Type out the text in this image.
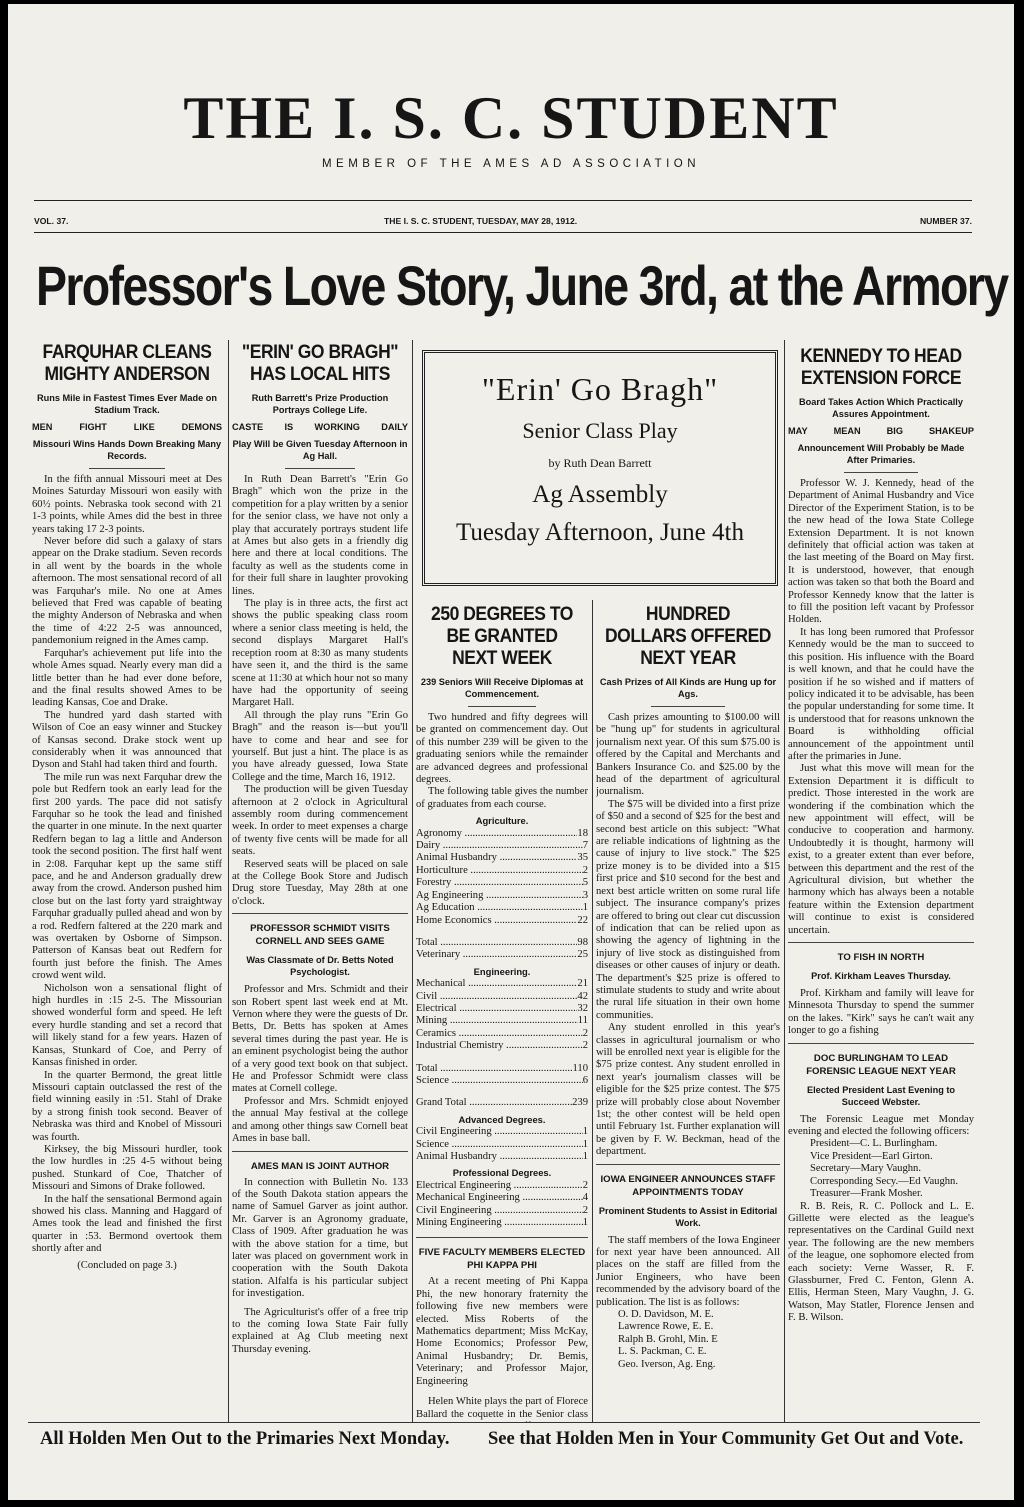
THE I. S. C. STUDENT
MEMBER OF THE AMES AD ASSOCIATION
VOL. 37.	THE I. S. C. STUDENT, TUESDAY, MAY 28, 1912.	NUMBER 37.
Professor's Love Story, June 3rd, at the Armory
FARQUHAR CLEANS MIGHTY ANDERSON
Runs Mile in Fastest Times Ever Made on Stadium Track.
MEN	FIGHT	LIKE	DEMONS
Missouri Wins Hands Down Breaking Many Records.

In the fifth annual Missouri meet at Des Moines Saturday Missouri won easily with 60½ points. Nebraska took second with 21 1-3 points, while Ames did the best in three years taking 17 2-3 points.

Never before did such a galaxy of stars appear on the Drake stadium. Seven records in all went by the boards in the whole afternoon. The most sensational record of all was Farquhar's mile. No one at Ames believed that Fred was capable of beating the mighty Anderson of Nebraska and when the time of 4:22 2-5 was announced, pandemonium reigned in the Ames camp.

Farquhar's achievement put life into the whole Ames squad. Nearly every man did a little better than he had ever done before, and the final results showed Ames to be leading Kansas, Coe and Drake.

The hundred yard dash started with Wilson of Coe an easy winner and Stuckey of Kansas second. Drake stock went up considerably when it was announced that Dyson and Stahl had taken third and fourth.

The mile run was next Farquhar drew the pole but Redfern took an early lead for the first 200 yards. The pace did not satisfy Farquhar so he took the lead and finished the quarter in one minute. In the next quarter Redfern began to lag a little and Anderson took the second position. The first half went in 2:08. Farquhar kept up the same stiff pace, and he and Anderson gradually drew away from the crowd. Anderson pushed him close but on the last forty yard straightway Farquhar gradually pulled ahead and won by a rod. Redfern faltered at the 220 mark and was overtaken by Osborne of Simpson. Patterson of Kansas beat out Redfern for fourth just before the finish. The Ames crowd went wild.

Nicholson won a sensational flight of high hurdles in :15 2-5. The Missourian showed wonderful form and speed. He left every hurdle standing and set a record that will likely stand for a few years. Hazen of Kansas, Stunkard of Coe, and Perry of Kansas finished in order.

In the quarter Bermond, the great little Missouri captain outclassed the rest of the field winning easily in :51. Stahl of Drake by a strong finish took second. Beaver of Nebraska was third and Knobel of Missouri was fourth.

Kirksey, the big Missouri hurdler, took the low hurdles in :25 4-5 without being pushed. Stunkard of Coe, Thatcher of Missouri and Simons of Drake followed.

In the half the sensational Bermond again showed his class. Manning and Haggard of Ames took the lead and finished the first quarter in :53. Bermond overtook them shortly after and

(Concluded on page 3.)
"ERIN' GO BRAGH" HAS LOCAL HITS
Ruth Barrett's Prize Production Portrays College Life.
CASTE IS WORKING DAILY
Play Will be Given Tuesday Afternoon in Ag Hall.

In Ruth Dean Barrett's "Erin Go Bragh" which won the prize in the competition for a play written by a senior for the senior class, we have not only a play that accurately portrays student life at Ames but also gets in a friendly dig here and there at local conditions. The faculty as well as the students come in for their full share in laughter provoking lines.

The play is in three acts, the first act shows the public speaking class room where a senior class meeting is held, the second displays Margaret Hall's reception room at 8:30 as many students have seen it, and the third is the same scene at 11:30 at which hour not so many have had the opportunity of seeing Margaret Hall.

All through the play runs "Erin Go Bragh" and the reason is—but you'll have to come and hear and see for yourself. But just a hint. The place is as you have already guessed, Iowa State College and the time, March 16, 1912.

The production will be given Tuesday afternoon at 2 o'clock in Agricultural assembly room during commencement week. In order to meet expenses a charge of twenty five cents will be made for all seats.

Reserved seats will be placed on sale at the College Book Store and Judisch Drug store Tuesday, May 28th at one o'clock.

PROFESSOR SCHMIDT VISITS CORNELL AND SEES GAME
Was Classmate of Dr. Betts Noted Psychologist.

Professor and Mrs. Schmidt and their son Robert spent last week end at Mt. Vernon where they were the guests of Dr. Betts, Dr. Betts has spoken at Ames several times during the past year. He is an eminent psychologist being the author of a very good text book on that subject. He and Professor Schmidt were class mates at Cornell college.

Professor and Mrs. Schmidt enjoyed the annual May festival at the college and among other things saw Cornell beat Ames in base ball.

AMES MAN IS JOINT AUTHOR

In connection with Bulletin No. 133 of the South Dakota station appears the name of Samuel Garver as joint author. Mr. Garver is an Agronomy graduate, Class of 1909. After graduation he was with the above station for a time, but later was placed on government work in cooperation with the South Dakota station. Alfalfa is his particular subject for investigation.

The Agriculturist's offer of a free trip to the coming Iowa State Fair fully explained at Ag Club meeting next Thursday evening.

"Erin' Go Bragh"
Senior Class Play
by Ruth Dean Barrett
Ag Assembly
Tuesday Afternoon, June 4th
250 DEGREES TO BE GRANTED NEXT WEEK
239 Seniors Will Receive Diplomas at Commencement.

Two hundred and fifty degrees will be granted on commencement day. Out of this number 239 will be given to the graduating seniors while the remainder are advanced degrees and professional degrees.

The following table gives the number of graduates from each course.

Agriculture.
Agronomy .....	18
Dairy .....	7
Animal Husbandry .....	35
Horticulture .....	2
Forestry .....	5
Ag Engineering .....	3
Ag Education .....	1
Home Economics .....	22
Total .....	98
Veterinary .....	25
Engineering.
Mechanical .....	21
Civil .....	42
Electrical .....	32
Mining .....	11
Ceramics .....	2
Industrial Chemistry .....	2
Total .....	110
Science .....	6
Grand Total .....	239
Advanced Degrees.
Civil Engineering .....	1
Science .....	1
Animal Husbandry .....	1
Professional Degrees.
Electrical Engineering .....	2
Mechanical Engineering .....	4
Civil Engineering .....	2
Mining Engineering .....	1
FIVE FACULTY MEMBERS ELECTED PHI KAPPA PHI

At a recent meeting of Phi Kappa Phi, the new honorary fraternity the following five new members were elected. Miss Roberts of the Mathematics department; Miss McKay, Home Economics; Professor Pew, Animal Husbandry; Dr. Bemis, Veterinary; and Professor Major, Engineering

Helen White plays the part of Florece Ballard the coquette in the Senior class

HUNDRED DOLLARS OFFERED NEXT YEAR
Cash Prizes of All Kinds are Hung up for Ags.

Cash prizes amounting to $100.00 will be "hung up" for students in agricultural journalism next year. Of this sum $75.00 is offered by the Capital and Merchants and Bankers Insurance Co. and $25.00 by the head of the department of agricultural journalism.

The $75 will be divided into a first prize of $50 and a second of $25 for the best and second best article on this subject: "What are reliable indications of lightning as the cause of injury to live stock." The $25 prize money is to be divided into a $15 first price and $10 second for the best and next best article written on some rural life subject. The insurance company's prizes are offered to bring out clear cut discussion of indication that can be relied upon as showing the agency of lightning in the injury of live stock as distinguished from diseases or other causes of injury or death. The department's $25 prize is offered to stimulate students to study and write about the rural life situation in their own home communities.

Any student enrolled in this year's classes in agricultural journalism or who will be enrolled next year is eligible for the $75 prize contest. Any student enrolled in next year's journalism classes will be eligible for the $25 prize contest. The $75 prize will probably close about November 1st; the other contest will be held open until February 1st. Further explanation will be given by F. W. Beckman, head of the department.

IOWA ENGINEER ANNOUNCES STAFF APPOINTMENTS TODAY
Prominent Students to Assist in Editorial Work.

The staff members of the Iowa Engineer for next year have been announced. All places on the staff are filled from the Junior Engineers, who have been recommended by the advisory board of the publication. The list is as follows:

O. D. Davidson, M. E.
Lawrence Rowe, E. E.
Ralph B. Grohl, Min. E
L. S. Packman, C. E.
Geo. Iverson, Ag. Eng.
KENNEDY TO HEAD EXTENSION FORCE
Board Takes Action Which Practically Assures Appointment.
MAY	MEAN	BIG	SHAKEUP
Announcement Will Probably be Made After Primaries.

Professor W. J. Kennedy, head of the Department of Animal Husbandry and Vice Director of the Experiment Station, is to be the new head of the Iowa State College Extension Department. It is not known definitely that official action was taken at the last meeting of the Board on May first. It is understood, however, that enough action was taken so that both the Board and Professor Kennedy know that the latter is to fill the position left vacant by Professor Holden.

It has long been rumored that Professor Kennedy would be the man to succeed to this position. His influence with the Board is well known, and that he could have the position if he so wished and if matters of policy indicated it to be advisable, has been the popular understanding for some time. It is understood that for reasons unknown the Board is withholding official announcement of the appointment until after the primaries in June.

Just what this move will mean for the Extension Department it is difficult to predict. Those interested in the work are wondering if the combination which the new appointment will effect, will be conducive to cooperation and harmony. Undoubtedly it is thought, harmony will exist, to a greater extent than ever before, between this department and the rest of the Agricultural division, but whether the harmony which has always been a notable feature within the Extension department will continue to exist is considered uncertain.

TO FISH IN NORTH
Prof. Kirkham Leaves Thursday.

Prof. Kirkham and family will leave for Minnesota Thursday to spend the summer on the lakes. "Kirk" says he can't wait any longer to go a fishing

DOC BURLINGHAM TO LEAD FORENSIC LEAGUE NEXT YEAR
Elected President Last Evening to Succeed Webster.

The Forensic League met Monday evening and elected the following officers:

President—C. L. Burlingham.
Vice President—Earl Girton.
Secretary—Mary Vaughn.
Corresponding Secy.—Ed Vaughn.
Treasurer—Frank Mosher.

R. B. Reis, R. C. Pollock and L. E. Gillette were elected as the league's representatives on the Cardinal Guild next year. The following are the new members of the league, one sophomore elected from each society: Verne Wasser, R. F. Glassburner, Fred C. Fenton, Glenn A. Ellis, Herman Steen, Mary Vaughn, J. G. Watson, May Statler, Florence Jensen and F. B. Wilson.

All Holden Men Out to the Primaries Next Monday. See that Holden Men in Your Community Get Out and Vote.
